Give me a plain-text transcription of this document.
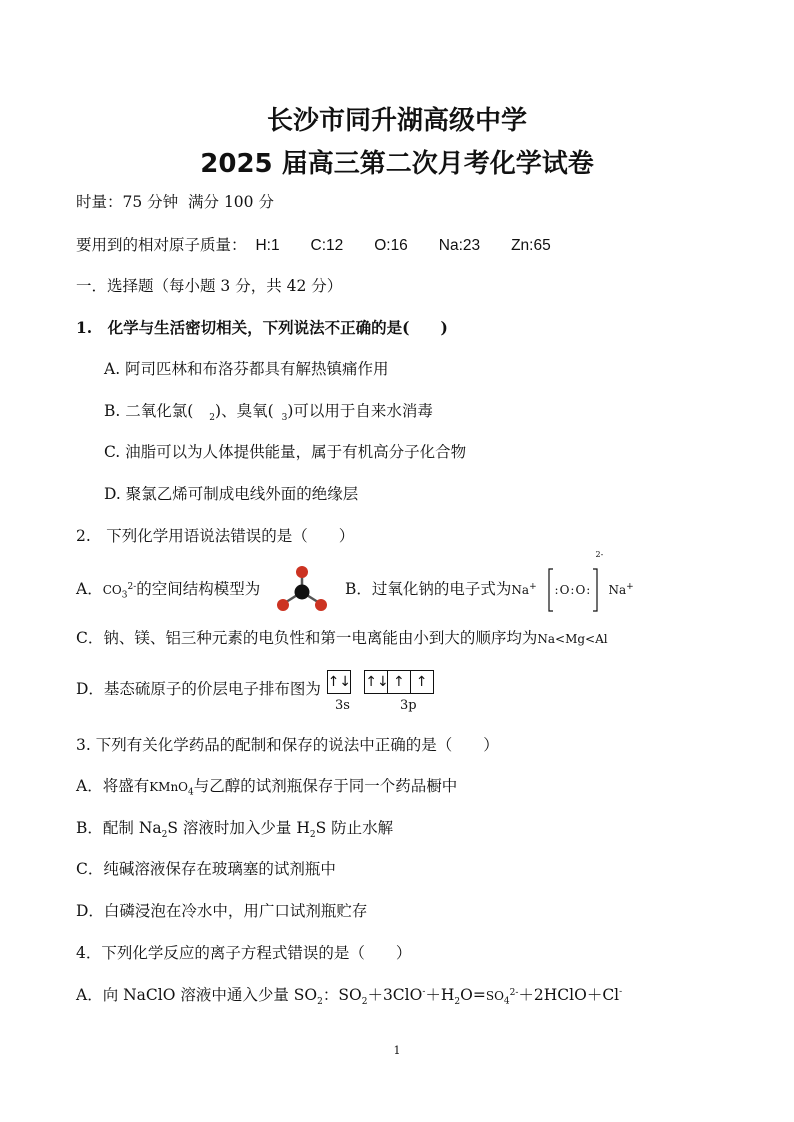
长沙市同升湖高级中学
2025 届高三第二次月考化学试卷
时量：75 分钟 满分 100 分
要用到的相对原子质量： H:1 C:12 O:16 Na:23 Zn:65
一．选择题（每小题 3 分，共 42 分）
1.　化学与生活密切相关，下列说法不正确的是(　　)
A. 阿司匹林和布洛芬都具有解热镇痛作用
B. 二氧化氯( $_2$)、臭氧( $_3$)可以用于自来水消毒
C. 油脂可以为人体提供能量，属于有机高分子化合物
D. 聚氯乙烯可制成电线外面的绝缘层
2.　下列化学用语说法错误的是（　　）
A．$CO_3^{2-}$的空间结构模型为	B．过氧化钠的电子式为Na+ :O:O:
2-
Na+
C．钠、镁、铝三种元素的电负性和第一电离能由小到大的顺序均为Na<Mg<Al
D．基态硫原子的价层电子排布图为 ↑↓ ↑↓ ↑ ↑
3s	3p
3. 下列有关化学药品的配制和保存的说法中正确的是（　　）
A．将盛有KMnO$_4$与乙醇的试剂瓶保存于同一个药品橱中
B．配制 $Na_2S$ 溶液时加入少量 $H_2S$ 防止水解
C．纯碱溶液保存在玻璃塞的试剂瓶中
D．白磷浸泡在冷水中，用广口试剂瓶贮存
4．下列化学反应的离子方程式错误的是（　　）
A．向 NaClO 溶液中通入少量 $SO_2$：$SO_2+3ClO^-+H_2O=SO_4^{2-}+2HClO+Cl^-$
1
